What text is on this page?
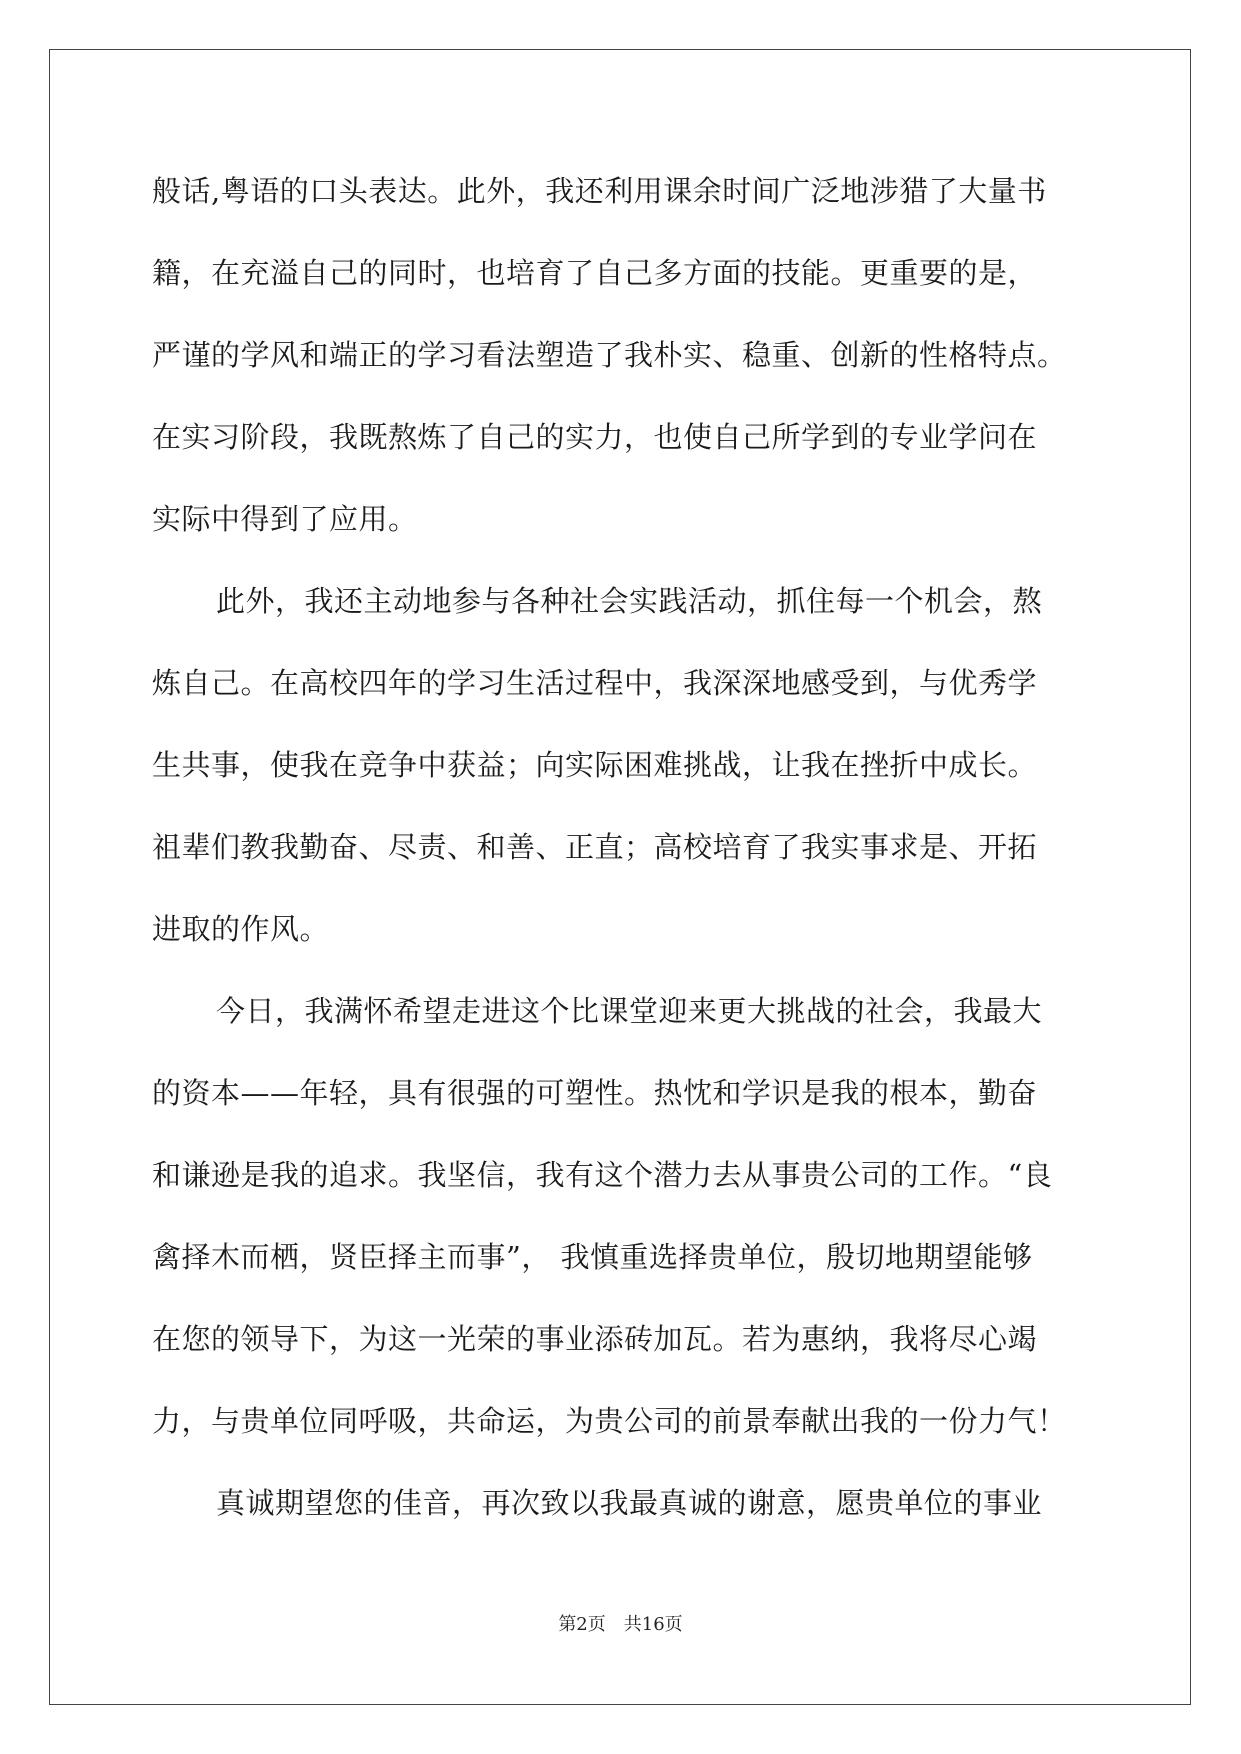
般话,粤语的口头表达。此外，我还利用课余时间广泛地涉猎了大量书
籍，在充溢自己的同时，也培育了自己多方面的技能。更重要的是，
严谨的学风和端正的学习看法塑造了我朴实、稳重、创新的性格特点。
在实习阶段，我既熬炼了自己的实力，也使自己所学到的专业学问在
实际中得到了应用。
此外，我还主动地参与各种社会实践活动，抓住每一个机会，熬
炼自己。在高校四年的学习生活过程中，我深深地感受到，与优秀学
生共事，使我在竞争中获益；向实际困难挑战，让我在挫折中成长。
祖辈们教我勤奋、尽责、和善、正直；高校培育了我实事求是、开拓
进取的作风。
今日，我满怀希望走进这个比课堂迎来更大挑战的社会，我最大
的资本——年轻，具有很强的可塑性。热忱和学识是我的根本，勤奋
和谦逊是我的追求。我坚信，我有这个潜力去从事贵公司的工作。“良
禽择木而栖，贤臣择主而事”， 我慎重选择贵单位，殷切地期望能够
在您的领导下，为这一光荣的事业添砖加瓦。若为惠纳，我将尽心竭
力，与贵单位同呼吸，共命运，为贵公司的前景奉献出我的一份力气！
真诚期望您的佳音，再次致以我最真诚的谢意，愿贵单位的事业
第2页 共16页
